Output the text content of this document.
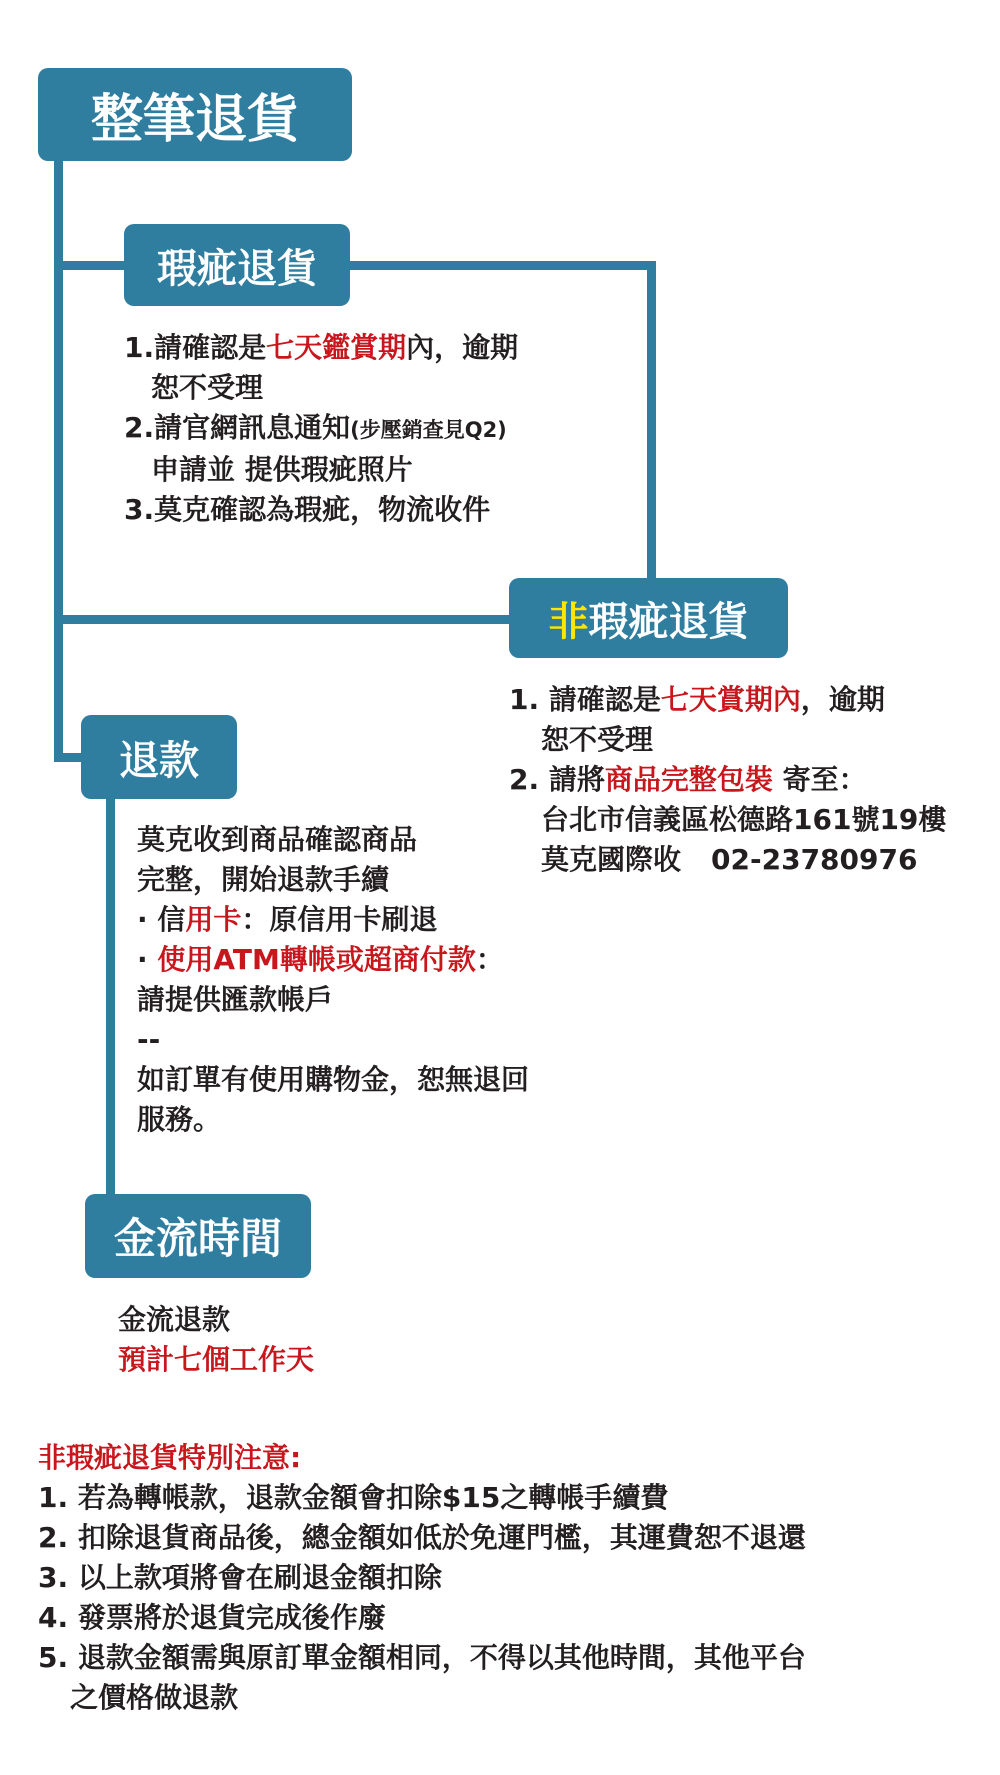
整筆退貨
瑕疵退貨
非 瑕疵退貨
退款
金流時間
1.請確認是七天鑑賞期內，逾期
恕不受理
2.請官網訊息通知(步壓銷查見Q2)
申請並 提供瑕疵照片
3.莫克確認為瑕疵，物流收件
1. 請確認是七天賞期內，逾期
恕不受理
2. 請將商品完整包裝 寄至：
台北市信義區松德路161號19樓
莫克國際收 02-23780976
莫克收到商品確認商品
完整，開始退款手續
· 信用卡：原信用卡刷退
· 使用ATM轉帳或超商付款：
請提供匯款帳戶
--
如訂單有使用購物金，恕無退回
服務。
金流退款
預計七個工作天
非瑕疵退貨特別注意:
1. 若為轉帳款，退款金額會扣除$15之轉帳手續費
2. 扣除退貨商品後，總金額如低於免運門檻，其運費恕不退還
3. 以上款項將會在刷退金額扣除
4. 發票將於退貨完成後作廢
5. 退款金額需與原訂單金額相同，不得以其他時間，其他平台
之價格做退款
